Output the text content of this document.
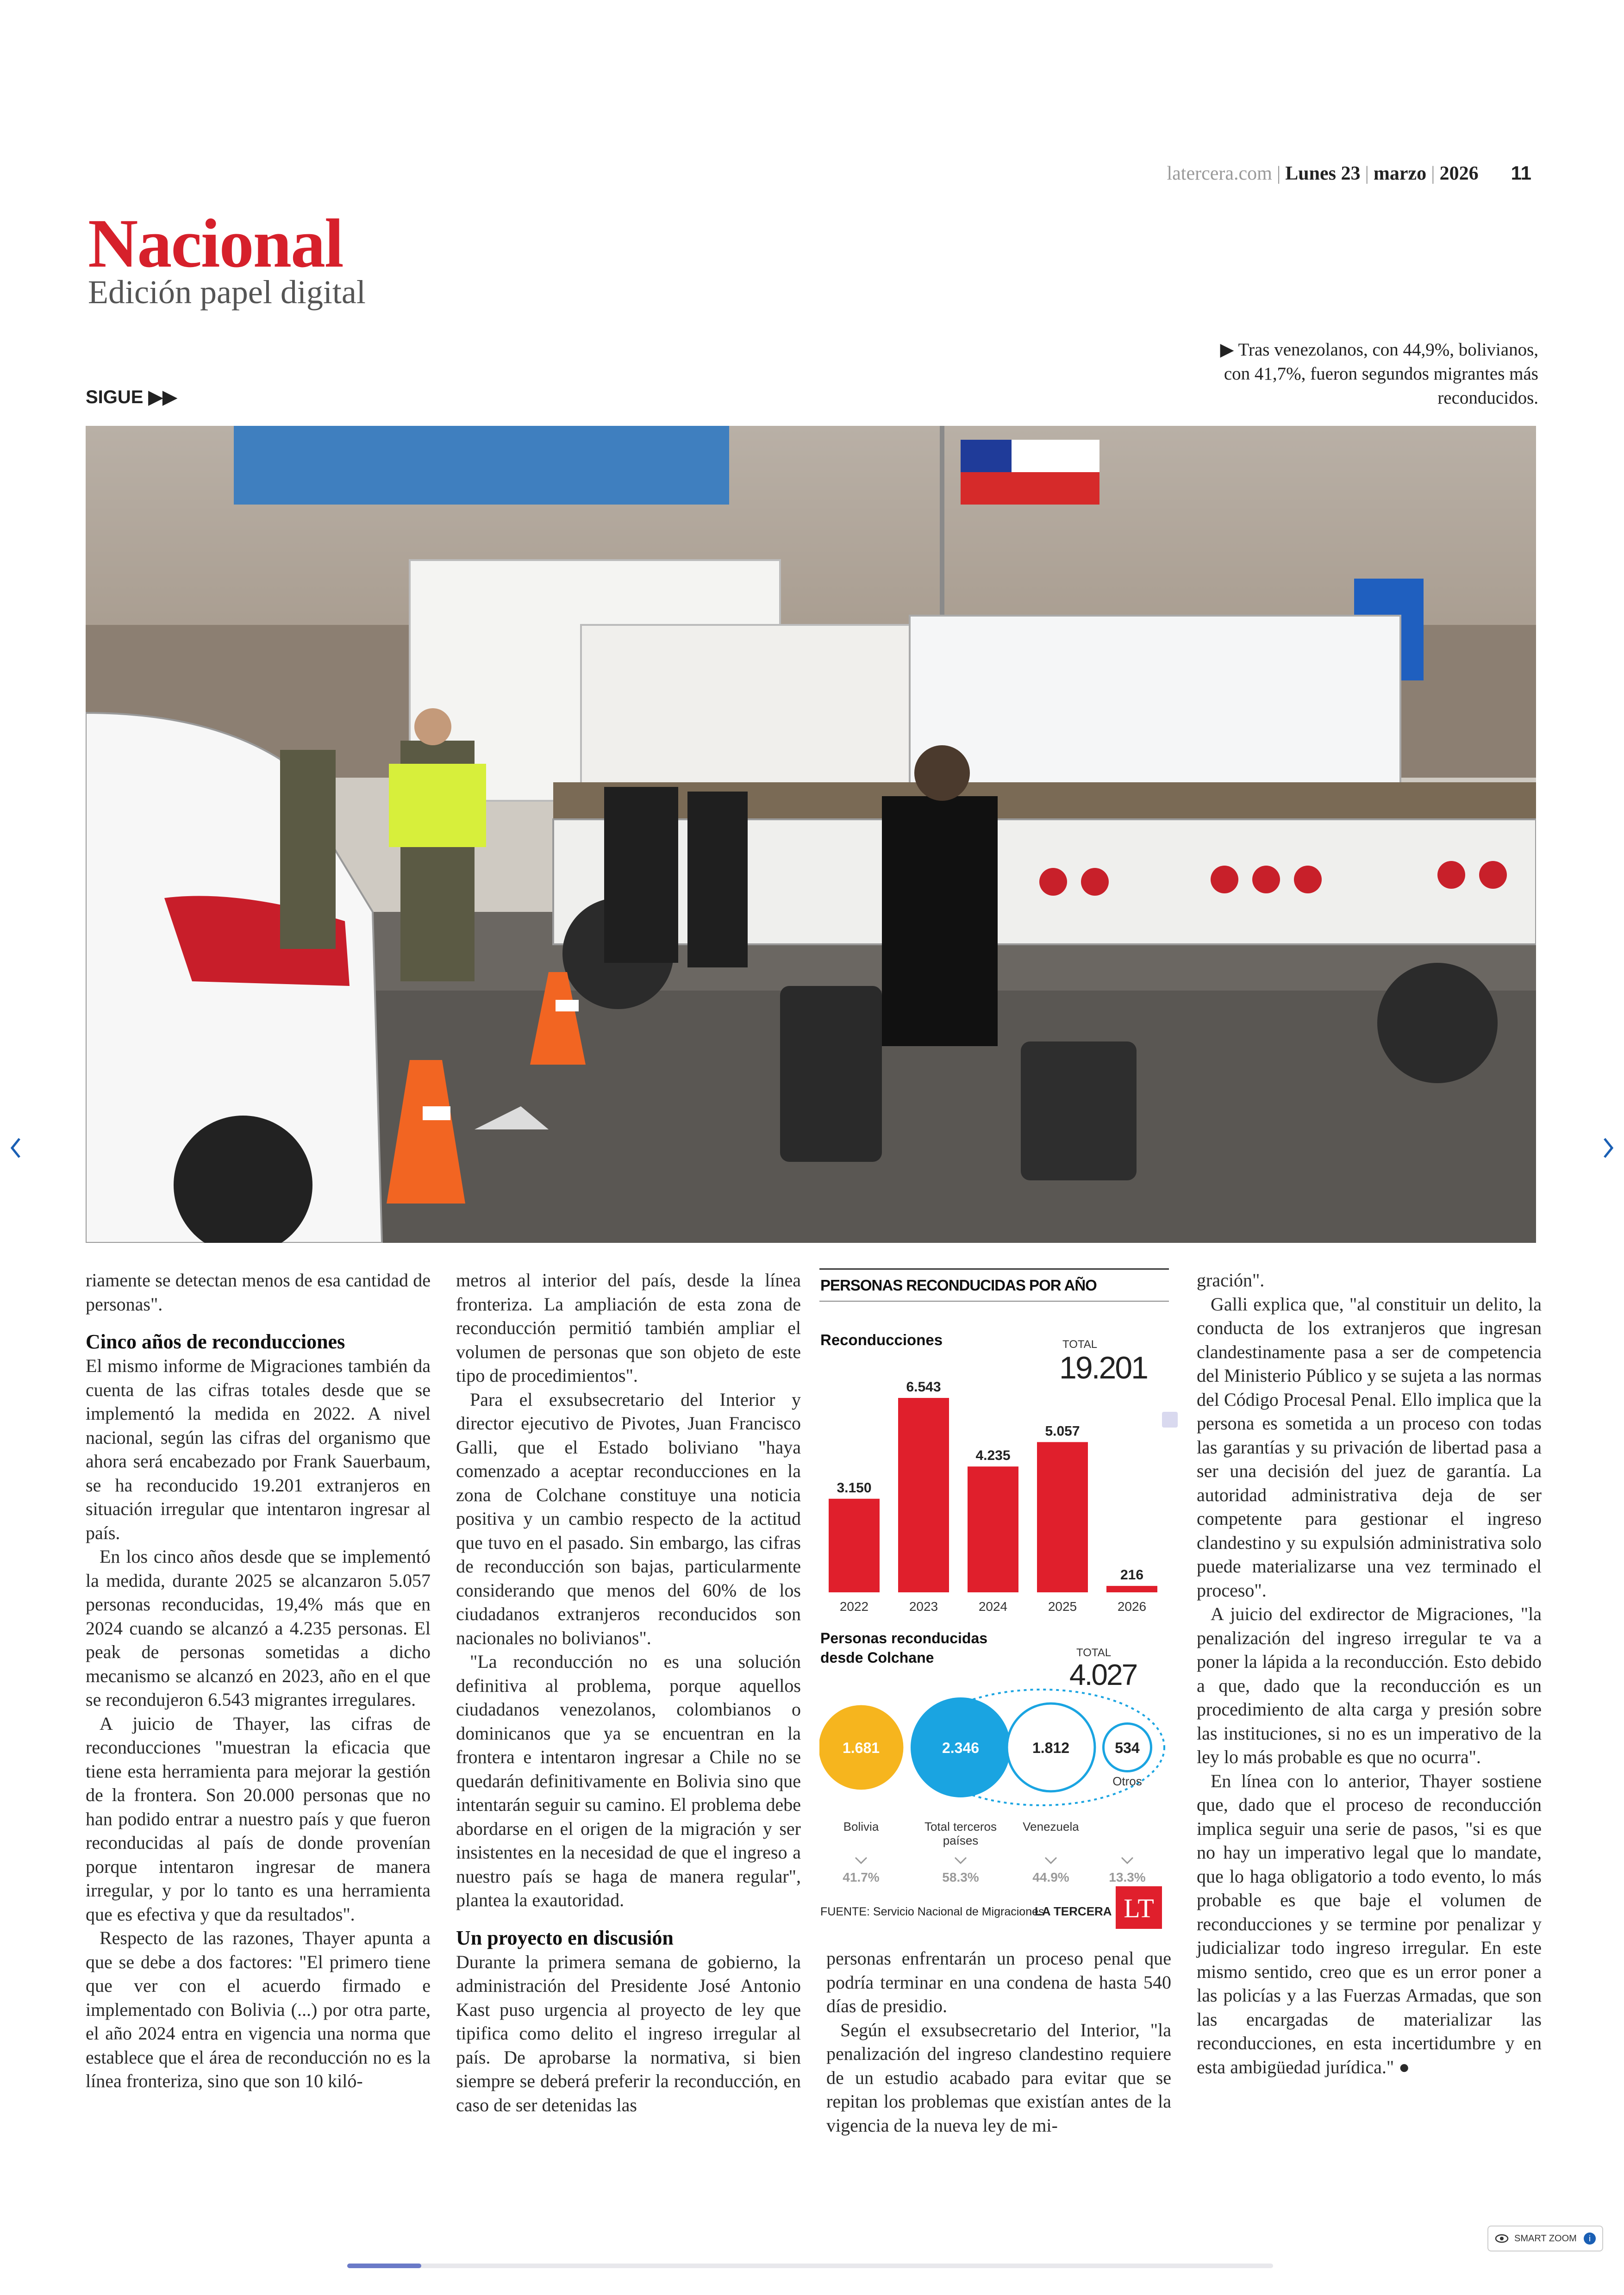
latercera.com | Lunes 23 | marzo | 2026 11
Nacional
Edición papel digital
SIGUE ▶▶
▶ Tras venezolanos, con 44,9%, bolivianos, con 41,7%, fueron segundos migrantes más reconducidos.

riamente se detectan menos de esa cantidad de personas".

Cinco años de reconducciones

El mismo informe de Migraciones también da cuenta de las cifras totales desde que se implementó la medida en 2022. A nivel nacional, según las cifras del organismo que ahora será encabezado por Frank Sauerbaum, se ha reconducido 19.201 extranjeros en situación irregular que intentaron ingresar al país.

En los cinco años desde que se implementó la medida, durante 2025 se alcanzaron 5.057 personas reconducidas, 19,4% más que en 2024 cuando se alcanzó a 4.235 personas. El peak de personas sometidas a dicho mecanismo se alcanzó en 2023, año en el que se recondujeron 6.543 migrantes irregulares.

A juicio de Thayer, las cifras de reconducciones "muestran la eficacia que tiene esta herramienta para mejorar la gestión de la frontera. Son 20.000 personas que no han podido entrar a nuestro país y que fueron reconducidas al país de donde provenían porque intentaron ingresar de manera irregular, y por lo tanto es una herramienta que es efectiva y que da resultados".

Respecto de las razones, Thayer apunta a que se debe a dos factores: "El primero tiene que ver con el acuerdo firmado e implementado con Bolivia (...) por otra parte, el año 2024 entra en vigencia una norma que establece que el área de reconducción no es la línea fronteriza, sino que son 10 kiló-

metros al interior del país, desde la línea fronteriza. La ampliación de esta zona de reconducción permitió también ampliar el volumen de personas que son objeto de este tipo de procedimientos".

Para el exsubsecretario del Interior y director ejecutivo de Pivotes, Juan Francisco Galli, que el Estado boliviano "haya comenzado a aceptar reconducciones en la zona de Colchane constituye una noticia positiva y un cambio respecto de la actitud que tuvo en el pasado. Sin embargo, las cifras de reconducción son bajas, particularmente considerando que menos del 60% de los ciudadanos extranjeros reconducidos son nacionales no bolivianos".

"La reconducción no es una solución definitiva al problema, porque aquellos ciudadanos venezolanos, colombianos o dominicanos que ya se encuentran en la frontera e intentaron ingresar a Chile no se quedarán definitivamente en Bolivia sino que intentarán seguir su camino. El problema debe abordarse en el origen de la migración y ser insistentes en la necesidad de que el ingreso a nuestro país se haga de manera regular", plantea la exautoridad.

Un proyecto en discusión

Durante la primera semana de gobierno, la administración del Presidente José Antonio Kast puso urgencia al proyecto de ley que tipifica como delito el ingreso irregular al país. De aprobarse la normativa, si bien siempre se deberá preferir la reconducción, en caso de ser detenidas las

PERSONAS RECONDUCIDAS POR AÑO
Reconducciones	TOTAL
19.201
3.150
2022
6.543
2023
4.235
2024
5.057
2025
216
2026
Personas reconducidas
desde Colchane	TOTAL
4.027
1.681
Bolivia
41.7%
2.346
Total terceros
países
58.3%
1.812
Venezuela
44.9%
534
Otros
13.3%
FUENTE: Servicio Nacional de Migraciones
LA TERCERA LT

personas enfrentarán un proceso penal que podría terminar en una condena de hasta 540 días de presidio.

Según el exsubsecretario del Interior, "la penalización del ingreso clandestino requiere de un estudio acabado para evitar que se repitan los problemas que existían antes de la vigencia de la nueva ley de mi-

gración".

Galli explica que, "al constituir un delito, la conducta de los extranjeros que ingresan clandestinamente pasa a ser de competencia del Ministerio Público y se sujeta a las normas del Código Procesal Penal. Ello implica que la persona es sometida a un proceso con todas las garantías y su privación de libertad pasa a ser una decisión del juez de garantía. La autoridad administrativa deja de ser competente para gestionar el ingreso clandestino y su expulsión administrativa solo puede materializarse una vez terminado el proceso".

A juicio del exdirector de Migraciones, "la penalización del ingreso irregular te va a poner la lápida a la reconducción. Esto debido a que, dado que la reconducción es un procedimiento de alta carga y presión sobre las instituciones, si no es un imperativo de la ley lo más probable es que no ocurra".

En línea con lo anterior, Thayer sostiene que, dado que el proceso de reconducción implica seguir una serie de pasos, "si es que no hay un imperativo legal que lo mandate, que lo haga obligatorio a todo evento, lo más probable es que baje el volumen de reconducciones y se termine por penalizar y judicializar todo ingreso irregular. En este mismo sentido, creo que es un error poner a las policías y a las Fuerzas Armadas, que son las encargadas de materializar las reconducciones, en esta incertidumbre y en esta ambigüedad jurídica." ●

SMART ZOOM	i
